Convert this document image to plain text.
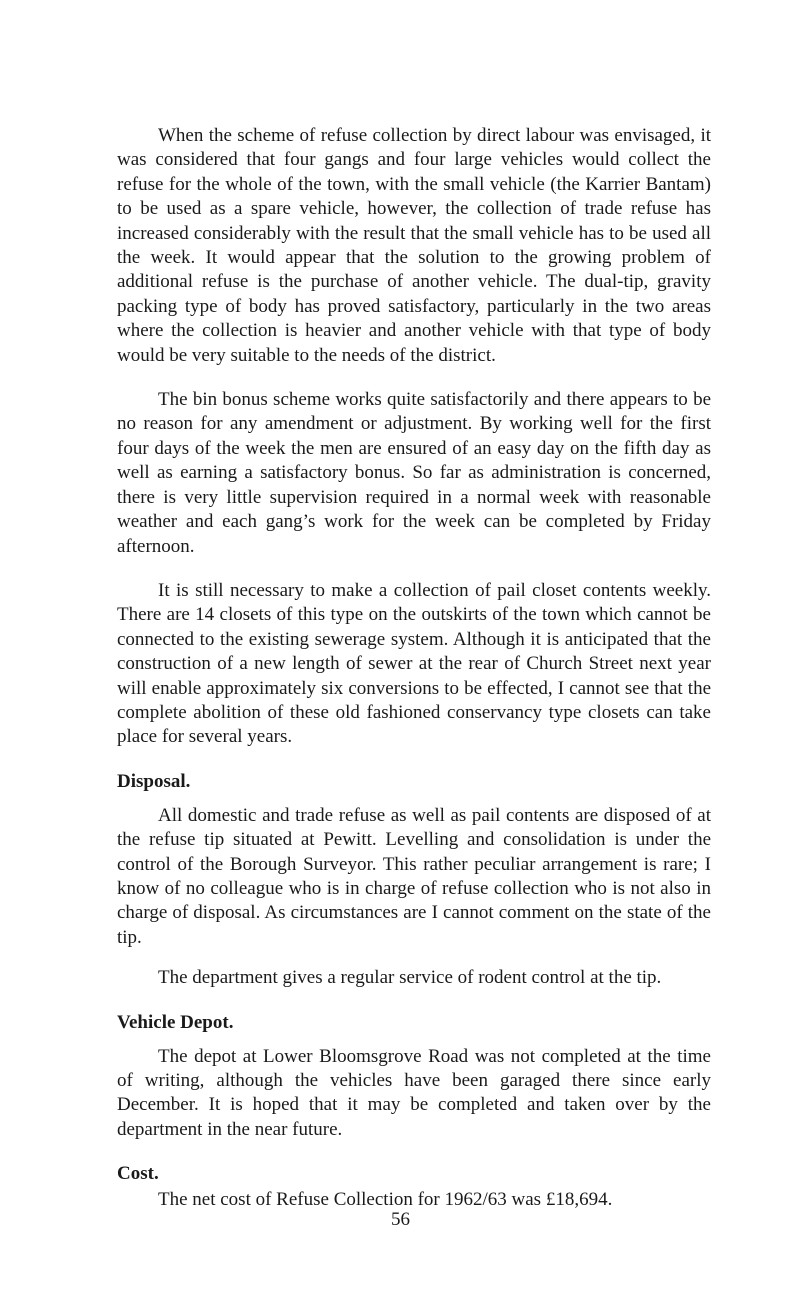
When the scheme of refuse collection by direct labour was envisaged, it was considered that four gangs and four large vehicles would collect the refuse for the whole of the town, with the small vehicle (the Karrier Bantam) to be used as a spare vehicle, however, the collection of trade refuse has increased considerably with the result that the small vehicle has to be used all the week. It would appear that the solution to the growing problem of additional refuse is the purchase of another vehicle. The dual-tip, gravity packing type of body has proved satisfactory, particularly in the two areas where the collection is heavier and another vehicle with that type of body would be very suitable to the needs of the district.

The bin bonus scheme works quite satisfactorily and there appears to be no reason for any amendment or adjustment. By working well for the first four days of the week the men are ensured of an easy day on the fifth day as well as earning a satisfactory bonus. So far as administration is concerned, there is very little supervision required in a normal week with reasonable weather and each gang’s work for the week can be completed by Friday afternoon.

It is still necessary to make a collection of pail closet contents weekly. There are 14 closets of this type on the outskirts of the town which cannot be connected to the existing sewerage system. Although it is anticipated that the construction of a new length of sewer at the rear of Church Street next year will enable approximately six conversions to be effected, I cannot see that the complete abolition of these old fashioned conservancy type closets can take place for several years.

Disposal.

All domestic and trade refuse as well as pail contents are disposed of at the refuse tip situated at Pewitt. Levelling and consolidation is under the control of the Borough Surveyor. This rather peculiar arrangement is rare; I know of no colleague who is in charge of refuse collection who is not also in charge of disposal. As circumstances are I cannot comment on the state of the tip.

The department gives a regular service of rodent control at the tip.

Vehicle Depot.

The depot at Lower Bloomsgrove Road was not completed at the time of writing, although the vehicles have been garaged there since early December. It is hoped that it may be completed and taken over by the department in the near future.

Cost.

The net cost of Refuse Collection for 1962/63 was £18,694.

56
